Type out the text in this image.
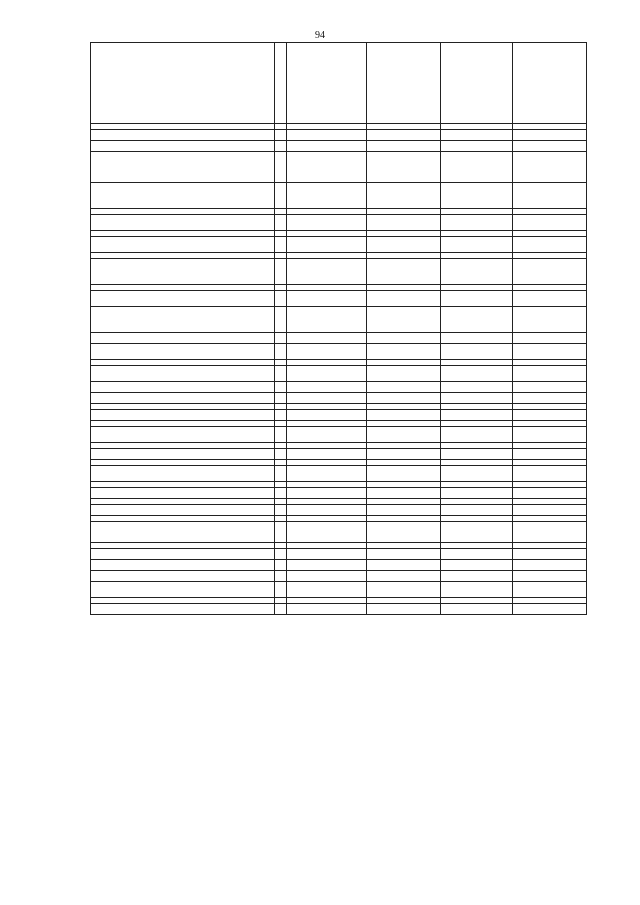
94
